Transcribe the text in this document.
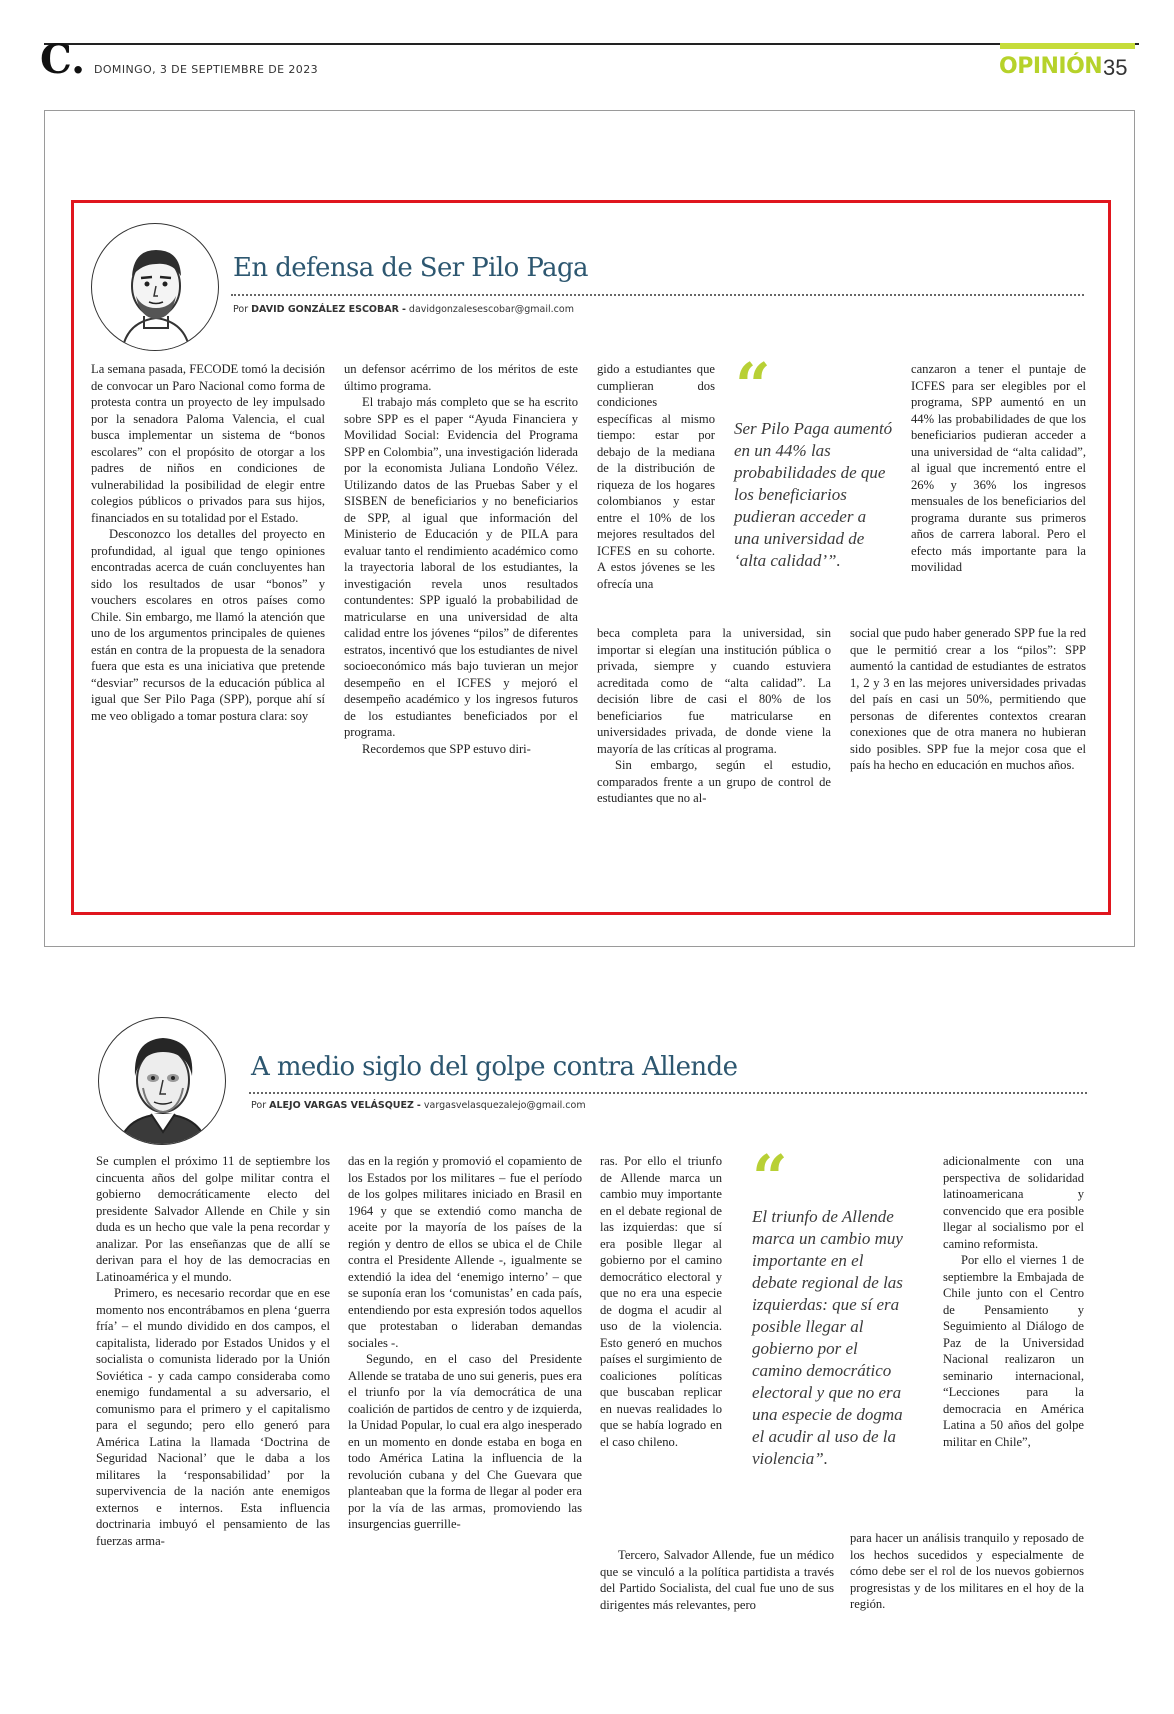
C. DOMINGO, 3 DE SEPTIEMBRE DE 2023	OPINIÓN 35
En defensa de Ser Pilo Paga
Por DAVID GONZÁLEZ ESCOBAR - davidgonzalesescobar@gmail.com

La semana pasada, FECODE tomó la decisión de convocar un Paro Nacional como forma de protesta contra un proyecto de ley impulsado por la senadora Paloma Valencia, el cual busca implementar un sistema de “bonos escolares” con el propósito de otorgar a los padres de niños en condiciones de vulnerabilidad la posibilidad de elegir entre colegios públicos o privados para sus hijos, financiados en su totalidad por el Estado.

Desconozco los detalles del proyecto en profundidad, al igual que tengo opiniones encontradas acerca de cuán concluyentes han sido los resultados de usar “bonos” y vouchers escolares en otros países como Chile. Sin embargo, me llamó la atención que uno de los argumentos principales de quienes están en contra de la propuesta de la senadora fuera que esta es una iniciativa que pretende “desviar” recursos de la educación pública al igual que Ser Pilo Paga (SPP), porque ahí sí me veo obligado a tomar postura clara: soy

un defensor acérrimo de los méritos de este último programa.

El trabajo más completo que se ha escrito sobre SPP es el paper “Ayuda Financiera y Movilidad Social: Evidencia del Programa SPP en Colombia”, una investigación liderada por la economista Juliana Londoño Vélez. Utilizando datos de las Pruebas Saber y el SISBEN de beneficiarios y no beneficiarios de SPP, al igual que información del Ministerio de Educación y de PILA para evaluar tanto el rendimiento académico como la trayectoria laboral de los estudiantes, la investigación revela unos resultados contundentes: SPP igualó la probabilidad de matricularse en una universidad de alta calidad entre los jóvenes “pilos” de diferentes estratos, incentivó que los estudiantes de nivel socioeconómico más bajo tuvieran un mejor desempeño en el ICFES y mejoró el desempeño académico y los ingresos futuros de los estudiantes beneficiados por el programa.

Recordemos que SPP estuvo diri-

gido a estudiantes que cumplieran dos condiciones específicas al mismo tiempo: estar por debajo de la mediana de la distribución de riqueza de los hogares colombianos y estar entre el 10% de los mejores resultados del ICFES en su cohorte. A estos jóvenes se les ofrecía una

beca completa para la universidad, sin importar si elegían una institución pública o privada, siempre y cuando estuviera acreditada como de “alta calidad”. La decisión libre de casi el 80% de los beneficiarios fue matricularse en universidades privada, de donde viene la mayoría de las críticas al programa.

Sin embargo, según el estudio, comparados frente a un grupo de control de estudiantes que no al-

“
Ser Pilo Paga aumentó en un 44% las probabilidades de que los beneficiarios pudieran acceder a una universidad de ‘alta calidad’”.

canzaron a tener el puntaje de ICFES para ser elegibles por el programa, SPP aumentó en un 44% las probabilidades de que los beneficiarios pudieran acceder a una universidad de “alta calidad”, al igual que incrementó entre el 26% y 36% los ingresos mensuales de los beneficiarios del programa durante sus primeros años de carrera laboral. Pero el efecto más importante para la movilidad

social que pudo haber generado SPP fue la red que le permitió crear a los “pilos”: SPP aumentó la cantidad de estudiantes de estratos 1, 2 y 3 en las mejores universidades privadas del país en casi un 50%, permitiendo que personas de diferentes contextos crearan conexiones que de otra manera no hubieran sido posibles. SPP fue la mejor cosa que el país ha hecho en educación en muchos años.

A medio siglo del golpe contra Allende
Por ALEJO VARGAS VELÁSQUEZ - vargasvelasquezalejo@gmail.com

Se cumplen el próximo 11 de septiembre los cincuenta años del golpe militar contra el gobierno democráticamente electo del presidente Salvador Allende en Chile y sin duda es un hecho que vale la pena recordar y analizar. Por las enseñanzas que de allí se derivan para el hoy de las democracias en Latinoamérica y el mundo.

Primero, es necesario recordar que en ese momento nos encontrábamos en plena ‘guerra fría’ – el mundo dividido en dos campos, el capitalista, liderado por Estados Unidos y el socialista o comunista liderado por la Unión Soviética - y cada campo consideraba como enemigo fundamental a su adversario, el comunismo para el primero y el capitalismo para el segundo; pero ello generó para América Latina la llamada ‘Doctrina de Seguridad Nacional’ que le daba a los militares la ‘responsabilidad’ por la supervivencia de la nación ante enemigos externos e internos. Esta influencia doctrinaria imbuyó el pensamiento de las fuerzas arma-

das en la región y promovió el copamiento de los Estados por los militares – fue el período de los golpes militares iniciado en Brasil en 1964 y que se extendió como mancha de aceite por la mayoría de los países de la región y dentro de ellos se ubica el de Chile contra el Presidente Allende -, igualmente se extendió la idea del ‘enemigo interno’ – que se suponía eran los ‘comunistas’ en cada país, entendiendo por esta expresión todos aquellos que protestaban o lideraban demandas sociales -.

Segundo, en el caso del Presidente Allende se trataba de uno sui generis, pues era el triunfo por la vía democrática de una coalición de partidos de centro y de izquierda, la Unidad Popular, lo cual era algo inesperado en un momento en donde estaba en boga en todo América Latina la influencia de la revolución cubana y del Che Guevara que planteaban que la forma de llegar al poder era por la vía de las armas, promoviendo las insurgencias guerrille-

ras. Por ello el triunfo de Allende marca un cambio muy importante en el debate regional de las izquierdas: que sí era posible llegar al gobierno por el camino democrático electoral y que no era una especie de dogma el acudir al uso de la violencia. Esto generó en muchos países el surgimiento de coaliciones políticas que buscaban replicar en nuevas realidades lo que se había logrado en el caso chileno.

Tercero, Salvador Allende, fue un médico que se vinculó a la política partidista a través del Partido Socialista, del cual fue uno de sus dirigentes más relevantes, pero

“
El triunfo de Allende marca un cambio muy importante en el debate regional de las izquierdas: que sí era posible llegar al gobierno por el camino democrático electoral y que no era una especie de dogma el acudir al uso de la violencia”.

adicionalmente con una perspectiva de solidaridad latinoamericana y convencido que era posible llegar al socialismo por el camino reformista.

Por ello el viernes 1 de septiembre la Embajada de Chile junto con el Centro de Pensamiento y Seguimiento al Diálogo de Paz de la Universidad Nacional realizaron un seminario internacional, “Lecciones para la democracia en América Latina a 50 años del golpe militar en Chile”,

para hacer un análisis tranquilo y reposado de los hechos sucedidos y especialmente de cómo debe ser el rol de los nuevos gobiernos progresistas y de los militares en el hoy de la región.
